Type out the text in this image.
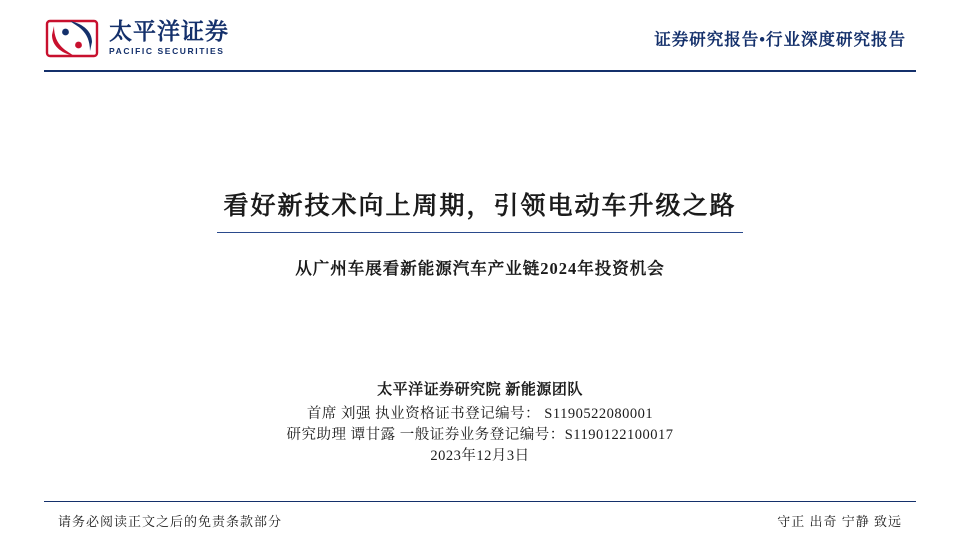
太平洋证券
PACIFIC SECURITIES
证券研究报告•行业深度研究报告
看好新技术向上周期，引领电动车升级之路
从广州车展看新能源汽车产业链2024年投资机会
太平洋证券研究院 新能源团队
首席 刘强 执业资格证书登记编号： S1190522080001
研究助理 谭甘露 一般证券业务登记编号：S1190122100017
2023年12月3日
请务必阅读正文之后的免责条款部分	守正 出奇 宁静 致远
